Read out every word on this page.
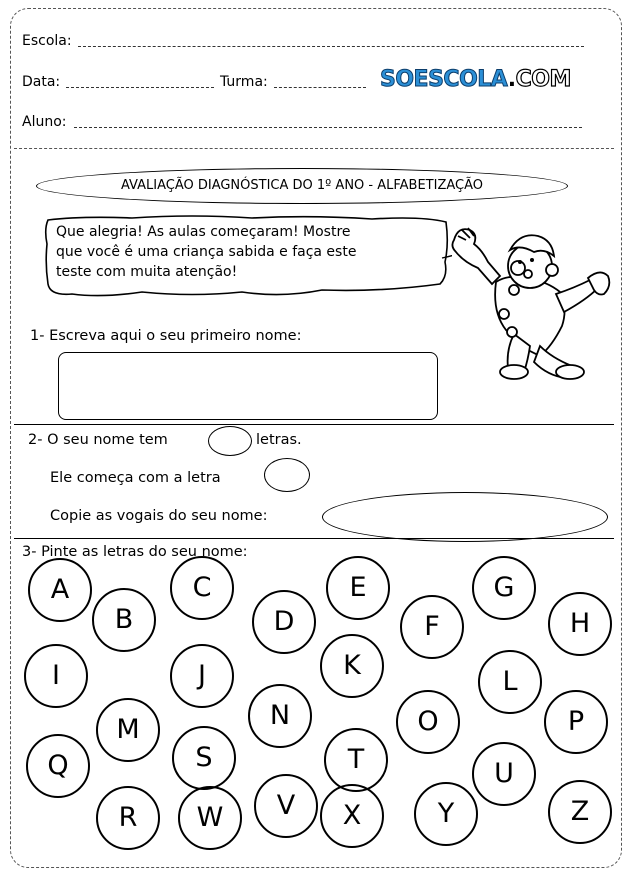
Escola:
Data:	Turma:	SOESCOLA.COM
Aluno:
AVALIAÇÃO DIAGNÓSTICA DO 1º ANO - ALFABETIZAÇÃO
Que alegria! As aulas começaram! Mostre
que você é uma criança sabida e faça este
teste com muita atenção!
1- Escreva aqui o seu primeiro nome:
2- O seu nome tem	letras.
Ele começa com a letra
Copie as vogais do seu nome:
3- Pinte as letras do seu nome:
A
B
C
D
E
F
G
H
I	J	K
L
M	N	O	P
Q	S	T	U
R	W	V	X	Y	Z
